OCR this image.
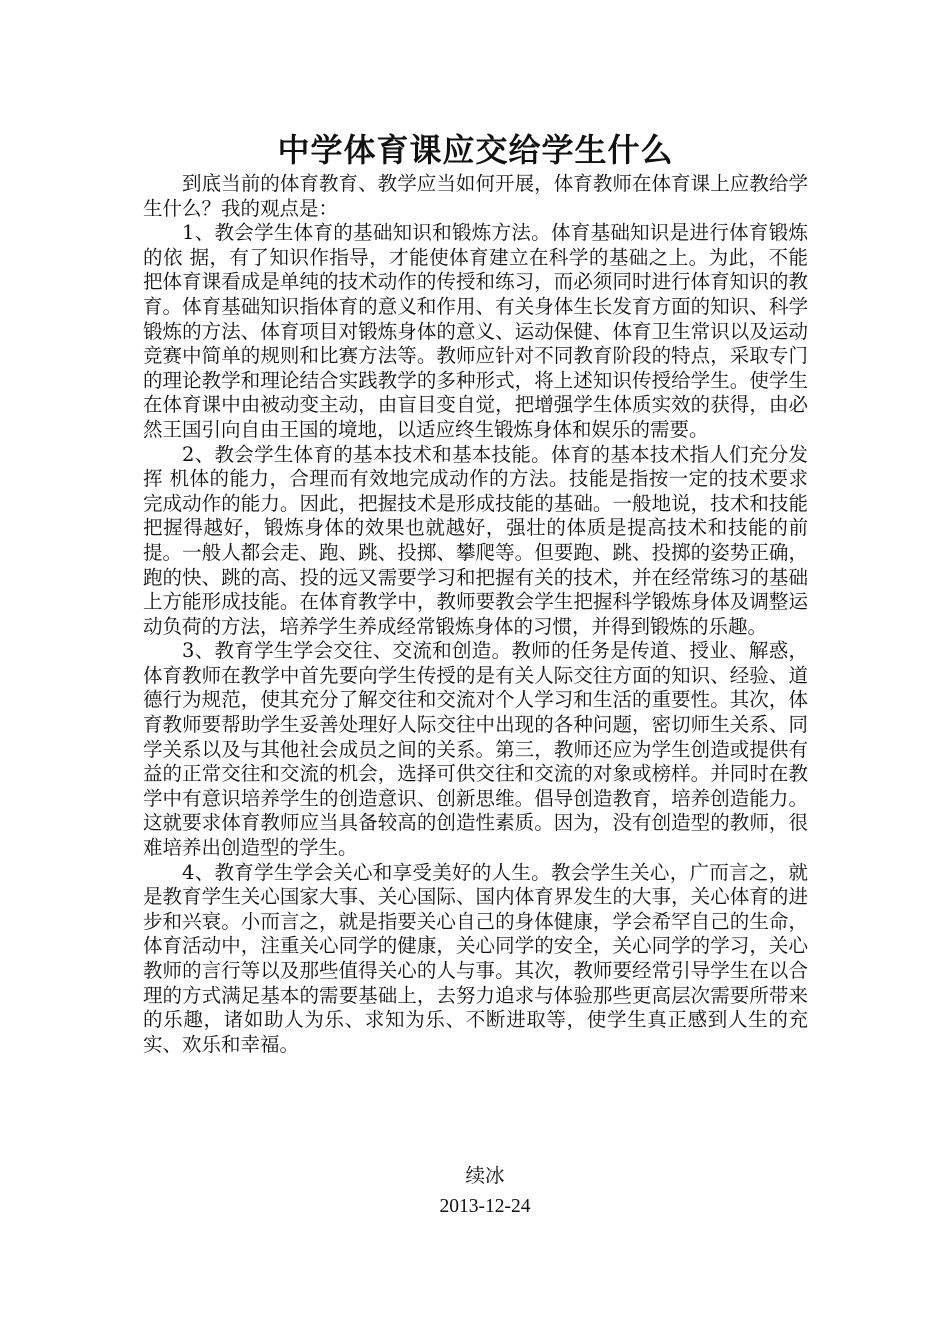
中学体育课应交给学生什么

到底当前的体育教育、教学应当如何开展，体育教师在体育课上应教给学生什么？我的观点是：

1、教会学生体育的基础知识和锻炼方法。体育基础知识是进行体育锻炼的依 据，有了知识作指导，才能使体育建立在科学的基础之上。为此，不能把体育课看成是单纯的技术动作的传授和练习，而必须同时进行体育知识的教育。体育基础知识指体育的意义和作用、有关身体生长发育方面的知识、科学锻炼的方法、体育项目对锻炼身体的意义、运动保健、体育卫生常识以及运动竞赛中简单的规则和比赛方法等。教师应针对不同教育阶段的特点，采取专门的理论教学和理论结合实践教学的多种形式，将上述知识传授给学生。使学生在体育课中由被动变主动，由盲目变自觉，把增强学生体质实效的获得，由必然王国引向自由王国的境地，以适应终生锻炼身体和娱乐的需要。

2、教会学生体育的基本技术和基本技能。体育的基本技术指人们充分发挥 机体的能力，合理而有效地完成动作的方法。技能是指按一定的技术要求完成动作的能力。因此，把握技术是形成技能的基础。一般地说，技术和技能把握得越好，锻炼身体的效果也就越好，强壮的体质是提高技术和技能的前提。一般人都会走、跑、跳、投掷、攀爬等。但要跑、跳、投掷的姿势正确，跑的快、跳的高、投的远又需要学习和把握有关的技术，并在经常练习的基础上方能形成技能。在体育教学中，教师要教会学生把握科学锻炼身体及调整运动负荷的方法，培养学生养成经常锻炼身体的习惯，并得到锻炼的乐趣。

3、教育学生学会交往、交流和创造。教师的任务是传道、授业、解惑，体育教师在教学中首先要向学生传授的是有关人际交往方面的知识、经验、道德行为规范，使其充分了解交往和交流对个人学习和生活的重要性。其次，体育教师要帮助学生妥善处理好人际交往中出现的各种问题，密切师生关系、同学关系以及与其他社会成员之间的关系。第三，教师还应为学生创造或提供有益的正常交往和交流的机会，选择可供交往和交流的对象或榜样。并同时在教学中有意识培养学生的创造意识、创新思维。倡导创造教育，培养创造能力。这就要求体育教师应当具备较高的创造性素质。因为，没有创造型的教师，很难培养出创造型的学生。

4、教育学生学会关心和享受美好的人生。教会学生关心，广而言之，就是教育学生关心国家大事、关心国际、国内体育界发生的大事，关心体育的进步和兴衰。小而言之，就是指要关心自己的身体健康，学会希罕自己的生命，体育活动中，注重关心同学的健康，关心同学的安全，关心同学的学习，关心教师的言行等以及那些值得关心的人与事。其次，教师要经常引导学生在以合理的方式满足基本的需要基础上，去努力追求与体验那些更高层次需要所带来的乐趣，诸如助人为乐、求知为乐、不断进取等，使学生真正感到人生的充实、欢乐和幸福。

续冰
2013-12-24
